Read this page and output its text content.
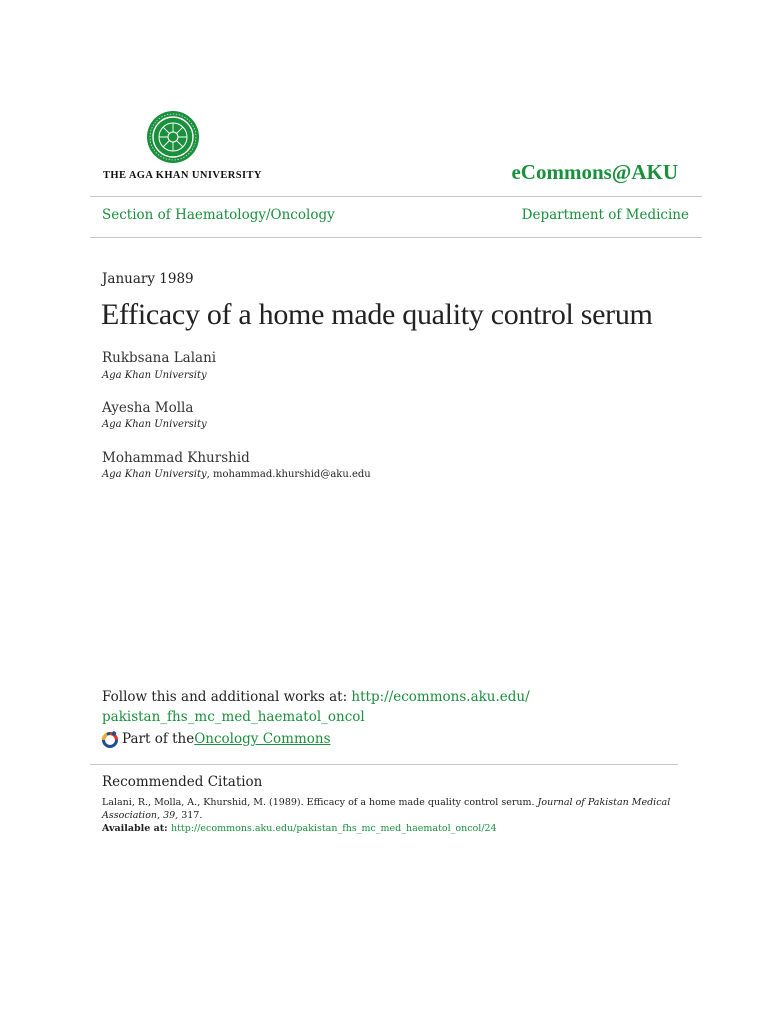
THE AGA KHAN UNIVERSITY	eCommons@AKU
Section of Haematology/Oncology	Department of Medicine
January 1989
Efficacy of a home made quality control serum
Rukbsana Lalani
Aga Khan University
Ayesha Molla
Aga Khan University
Mohammad Khurshid
Aga Khan University, mohammad.khurshid@aku.edu
Follow this and additional works at: http://ecommons.aku.edu/
pakistan_fhs_mc_med_haematol_oncol
Part of the Oncology Commons
Recommended Citation
Lalani, R., Molla, A., Khurshid, M. (1989). Efficacy of a home made quality control serum. Journal of Pakistan Medical Association, 39, 317.
Available at: http://ecommons.aku.edu/pakistan_fhs_mc_med_haematol_oncol/24
